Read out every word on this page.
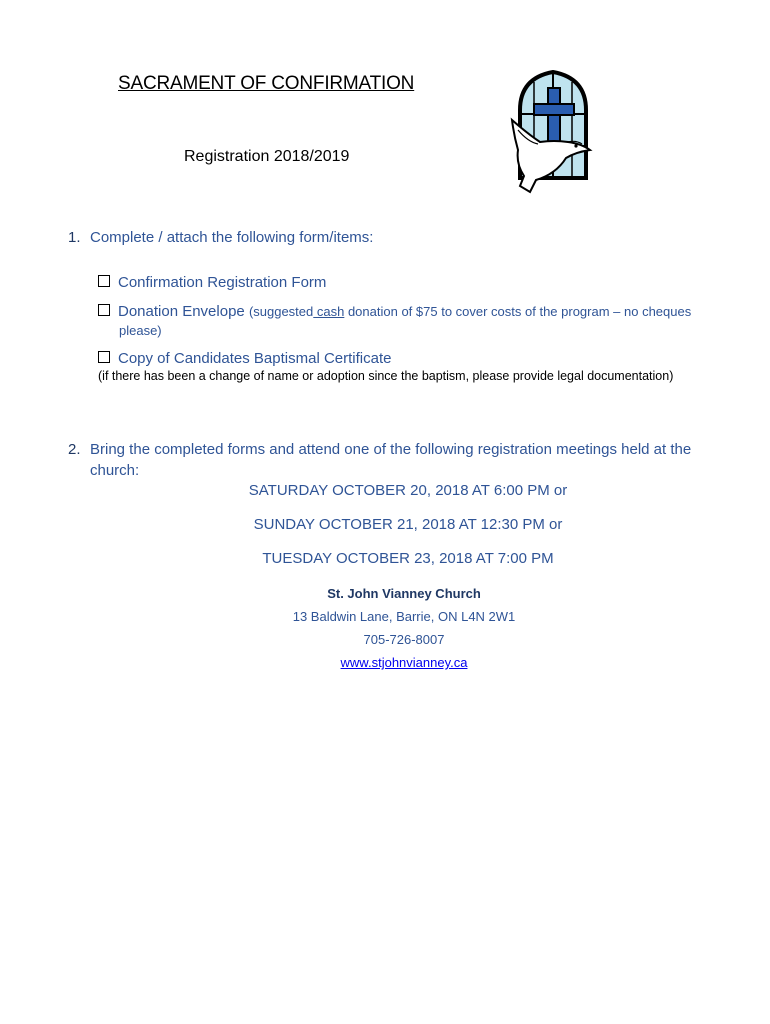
SACRAMENT OF CONFIRMATION
Registration 2018/2019
1. Complete / attach the following form/items:
Confirmation Registration Form
Donation Envelope (suggested cash donation of $75 to cover costs of the program – no cheques
please)
Copy of Candidates Baptismal Certificate
(if there has been a change of name or adoption since the baptism, please provide legal documentation)
2. Bring the completed forms and attend one of the following registration meetings held at the
church:
SATURDAY OCTOBER 20, 2018 AT 6:00 PM or
SUNDAY OCTOBER 21, 2018 AT 12:30 PM or
TUESDAY OCTOBER 23, 2018 AT 7:00 PM
St. John Vianney Church
13 Baldwin Lane, Barrie, ON L4N 2W1
705-726-8007
www.stjohnvianney.ca
